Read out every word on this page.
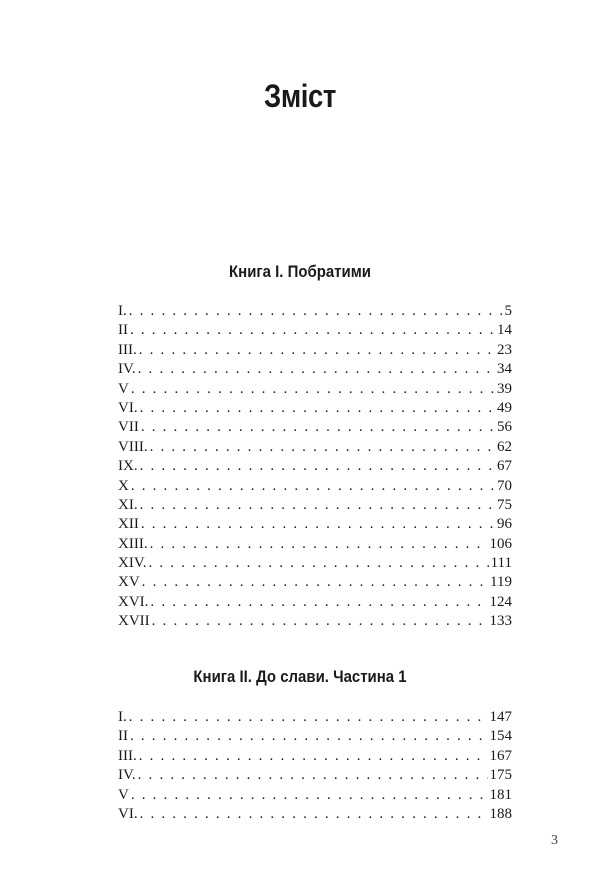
Зміст
Книга І. Побратими
І. . . .	5
ІІ . . .	14
ІІІ. . . .	23
ІV. . . .	34
V . . .	39
VІ. . . .	49
VІІ . . .	56
VІІІ. . . .	62
ІХ. . . .	67
Х . . .	70
ХІ. . . .	75
ХІІ . . .	96
ХІІІ. . . .	106
ХІV. . . .	111
ХV . . .	119
ХVІ. . . .	124
ХVІІ . . .	133
Книга ІІ. До слави. Частина 1
І. . . .	147
ІІ . . .	154
ІІІ. . . .	167
ІV. . . .	175
V . . .	181
VІ. . . .	188
3
